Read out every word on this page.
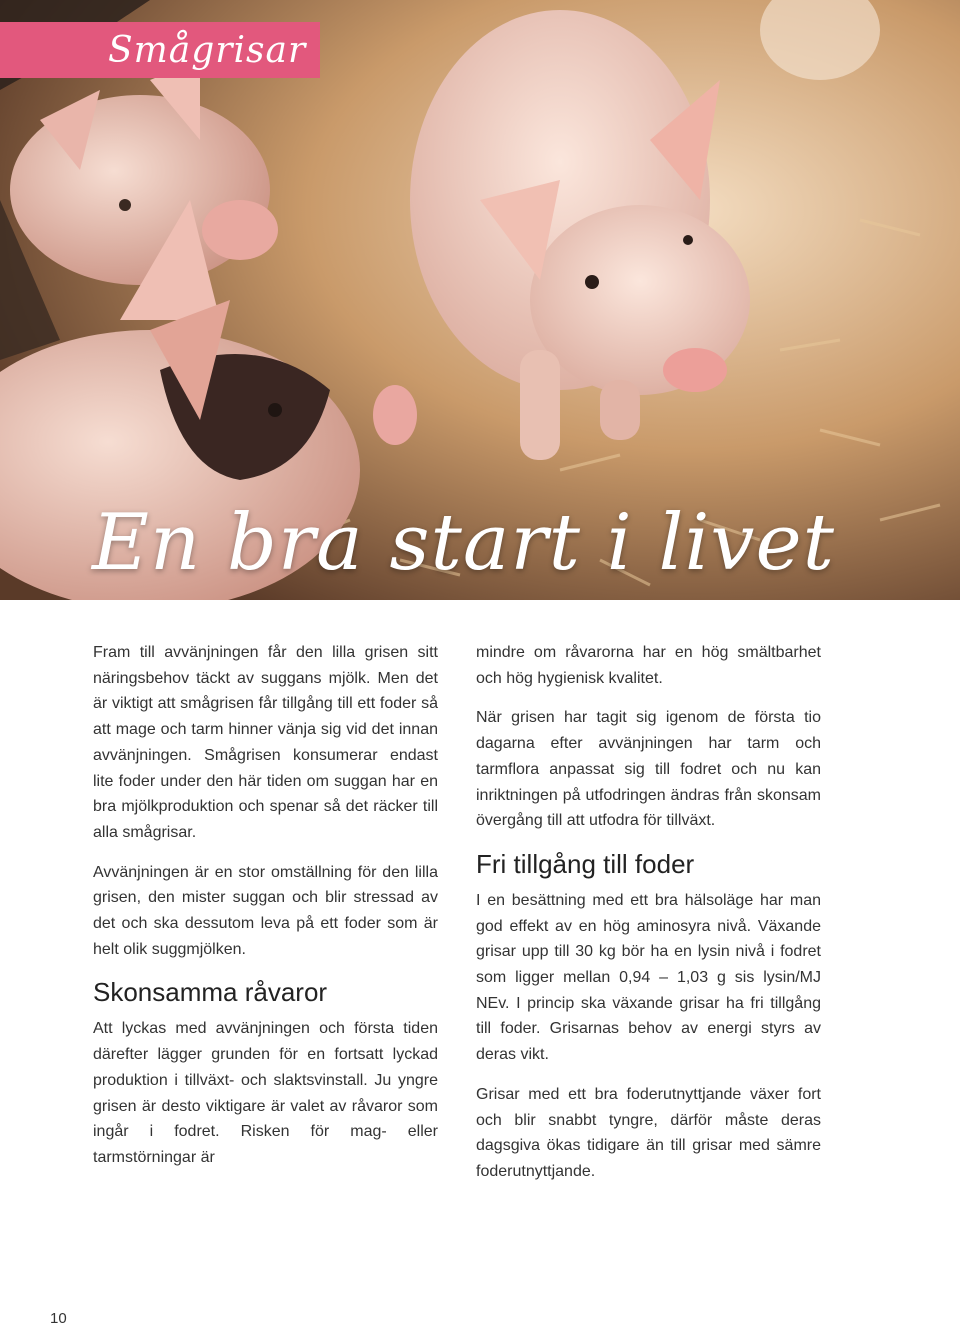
Smågrisar
En bra start i livet

Fram till avvänjningen får den lilla grisen sitt näringsbehov täckt av suggans mjölk. Men det är viktigt att smågrisen får tillgång till ett foder så att mage och tarm hinner vänja sig vid det innan avvänjningen. Smågrisen konsumerar endast lite foder under den här tiden om suggan har en bra mjölkproduktion och spenar så det räcker till alla smågrisar.

Avvänjningen är en stor omställning för den lilla grisen, den mister suggan och blir stressad av det och ska dessutom leva på ett foder som är helt olik suggmjölken.

Skonsamma råvaror

Att lyckas med avvänjningen och första tiden därefter lägger grunden för en fortsatt lyckad produktion i tillväxt- och slaktsvinstall. Ju yngre grisen är desto viktigare är valet av råvaror som ingår i fodret. Risken för mag- eller tarmstörningar är

mindre om råvarorna har en hög smältbarhet och hög hygienisk kvalitet.

När grisen har tagit sig igenom de första tio dagarna efter avvänjningen har tarm och tarmflora anpassat sig till fodret och nu kan inriktningen på utfodringen ändras från skonsam övergång till att utfodra för tillväxt.

Fri tillgång till foder

I en besättning med ett bra hälsoläge har man god effekt av en hög aminosyra nivå. Växande grisar upp till 30 kg bör ha en lysin nivå i fodret som ligger mellan 0,94 – 1,03 g sis lysin/MJ NEv. I princip ska växande grisar ha fri tillgång till foder. Grisarnas behov av energi styrs av deras vikt.

Grisar med ett bra foderutnyttjande växer fort och blir snabbt tyngre, därför måste deras dagsgiva ökas tidigare än till grisar med sämre foderutnyttjande.

10
